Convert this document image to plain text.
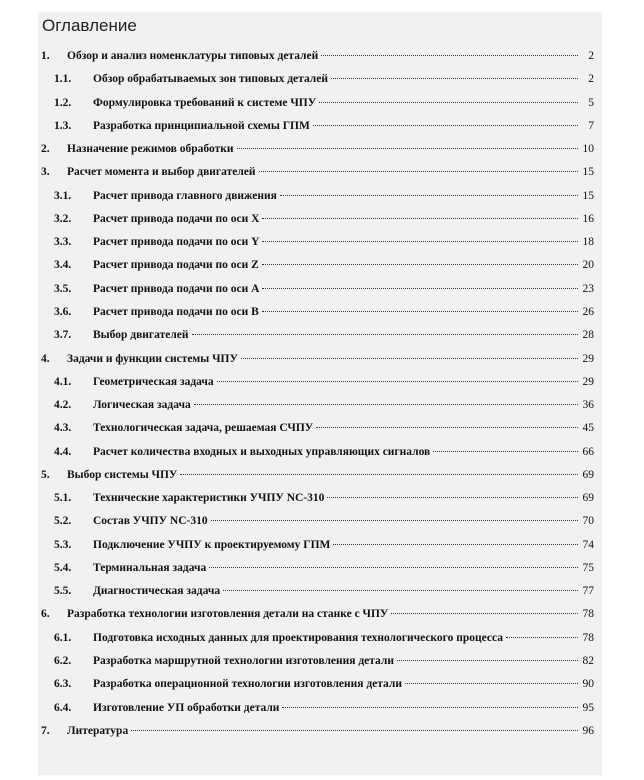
Оглавление
1. Обзор и анализ номенклатуры типовых деталей	2
1.1. Обзор обрабатываемых зон типовых деталей	2
1.2. Формулировка требований к системе ЧПУ	5
1.3. Разработка принципиальной схемы ГПМ	7
2. Назначение режимов обработки	10
3. Расчет момента и выбор двигателей	15
3.1. Расчет привода главного движения	15
3.2. Расчет привода подачи по оси X	16
3.3. Расчет привода подачи по оси Y	18
3.4. Расчет привода подачи по оси Z	20
3.5. Расчет привода подачи по оси А	23
3.6. Расчет привода подачи по оси В	26
3.7. Выбор двигателей	28
4. Задачи и функции системы ЧПУ	29
4.1. Геометрическая задача	29
4.2. Логическая задача	36
4.3. Технологическая задача, решаемая СЧПУ	45
4.4. Расчет количества входных и выходных управляющих сигналов	66
5. Выбор системы ЧПУ	69
5.1. Технические характеристики УЧПУ NC-310	69
5.2. Состав УЧПУ NC-310	70
5.3. Подключение УЧПУ к проектируемому ГПМ	74
5.4. Терминальная задача	75
5.5. Диагностическая задача	77
6. Разработка технологии изготовления детали на станке с ЧПУ	78
6.1. Подготовка исходных данных для проектирования технологического процесса	78
6.2. Разработка маршрутной технологии изготовления детали	82
6.3. Разработка операционной технологии изготовления детали	90
6.4. Изготовление УП обработки детали	95
7. Литература	96
